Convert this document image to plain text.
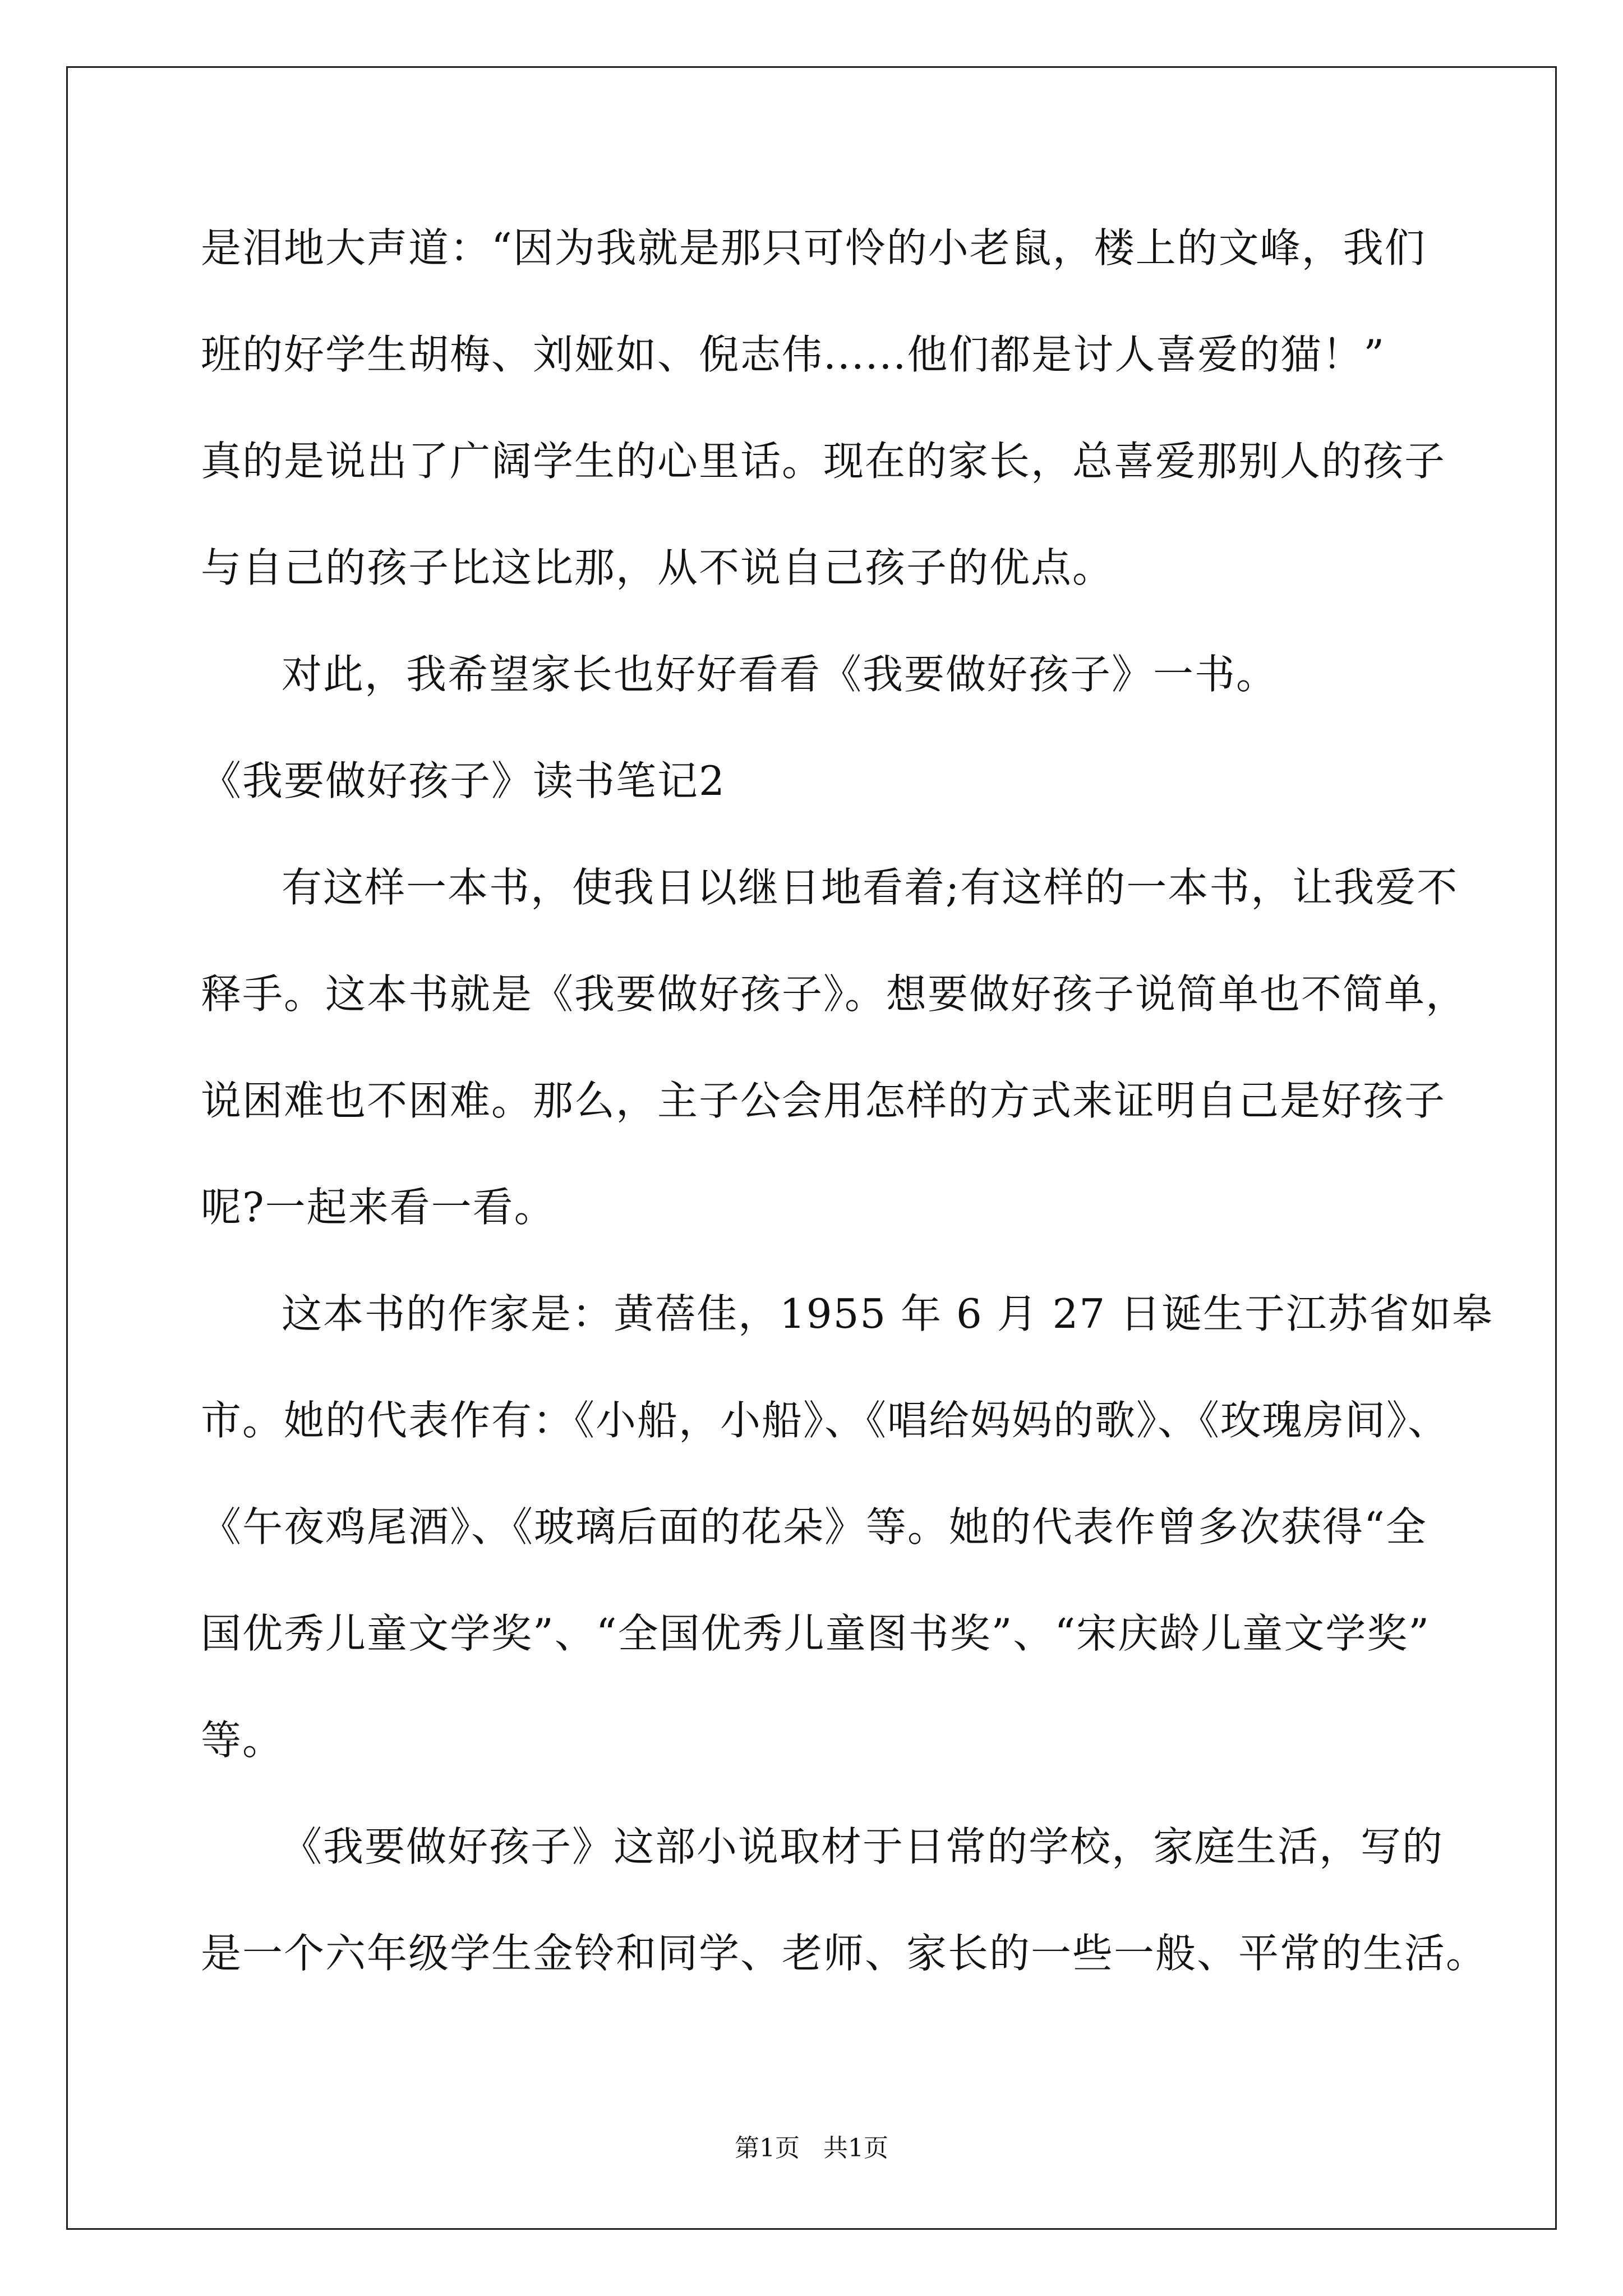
是泪地大声道：“因为我就是那只可怜的小老鼠，楼上的文峰，我们
班的好学生胡梅、刘娅如、倪志伟......他们都是讨人喜爱的猫！”
真的是说出了广阔学生的心里话。现在的家长，总喜爱那别人的孩子
与自己的孩子比这比那，从不说自己孩子的优点。
对此，我希望家长也好好看看《我要做好孩子》一书。
《我要做好孩子》读书笔记2
有这样一本书，使我日以继日地看着;有这样的一本书，让我爱不
释手。这本书就是《我要做好孩子》。想要做好孩子说简单也不简单，
说困难也不困难。那么，主子公会用怎样的方式来证明自己是好孩子
呢?一起来看一看。
这本书的作家是：黄蓓佳，1955 年 6 月 27 日诞生于江苏省如皋
市。她的代表作有：《小船，小船》、《唱给妈妈的歌》、《玫瑰房间》、
《午夜鸡尾酒》、《玻璃后面的花朵》等。她的代表作曾多次获得“全
国优秀儿童文学奖”、“全国优秀儿童图书奖”、“宋庆龄儿童文学奖”
等。
《我要做好孩子》这部小说取材于日常的学校，家庭生活，写的
是一个六年级学生金铃和同学、老师、家长的一些一般、平常的生活。
第1页   共1页
